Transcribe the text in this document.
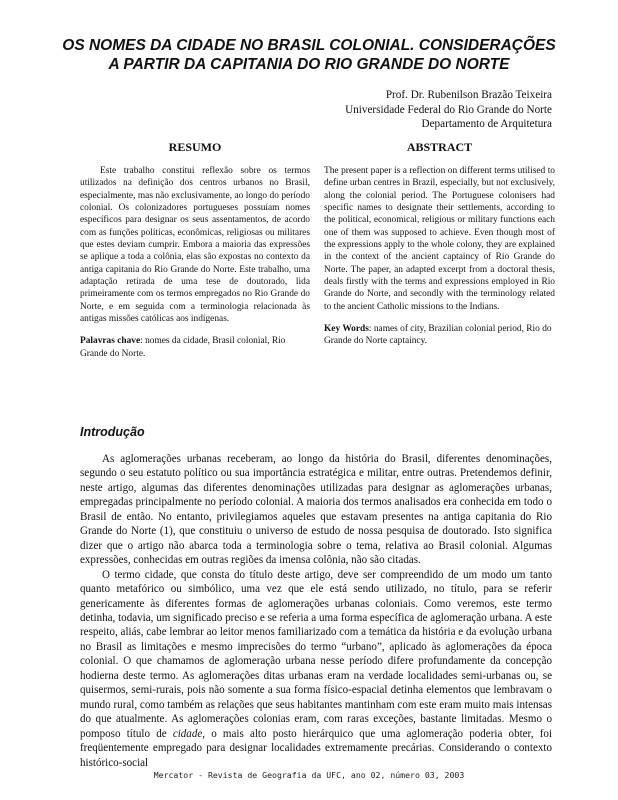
OS NOMES DA CIDADE NO BRASIL COLONIAL. CONSIDERAÇÕES
A PARTIR DA CAPITANIA DO RIO GRANDE DO NORTE
Prof. Dr. Rubenilson Brazão Teixeira
Universidade Federal do Rio Grande do Norte
Departamento de Arquitetura
RESUMO

Este trabalho constitui reflexão sobre os termos utilizados na definição dos centros urbanos no Brasil, especialmente, mas não exclusivamente, ao longo do período colonial. Os colonizadores portugueses possuíam nomes específicos para designar os seus assentamentos, de acordo com as funções políticas, econômicas, religiosas ou militares que estes deviam cumprir. Embora a maioria das expressões se aplique a toda a colônia, elas são expostas no contexto da antiga capitania do Rio Grande do Norte. Este trabalho, uma adaptação retirada de uma tese de doutorado, lida primeiramente com os termos empregados no Rio Grande do Norte, e em seguida com a terminologia relacionada às antigas missões católicas aos indígenas.

Palavras chave: nomes da cidade, Brasil colonial, Rio Grande do Norte.
ABSTRACT

The present paper is a reflection on different terms utilised to define urban centres in Brazil, especially, but not exclusively, along the colonial period. The Portuguese colonisers had specific names to designate their settlements, according to the political, economical, religious or military functions each one of them was supposed to achieve. Even though most of the expressions apply to the whole colony, they are explained in the context of the ancient captaincy of Rio Grande do Norte. The paper, an adapted excerpt from a doctoral thesis, deals firstly with the terms and expressions employed in Rio Grande do Norte, and secondly with the terminology related to the ancient Catholic missions to the Indians.

Key Words: names of city, Brazilian colonial period, Rio do Grande do Norte captaincy.
Introdução

As aglomerações urbanas receberam, ao longo da história do Brasil, diferentes denominações, segundo o seu estatuto político ou sua importância estratégica e militar, entre outras. Pretendemos definir, neste artigo, algumas das diferentes denominações utilizadas para designar as aglomerações urbanas, empregadas principalmente no período colonial. A maioria dos termos analisados era conhecida em todo o Brasil de então. No entanto, privilegiamos aqueles que estavam presentes na antiga capitania do Rio Grande do Norte (1), que constituiu o universo de estudo de nossa pesquisa de doutorado. Isto significa dizer que o artigo não abarca toda a terminologia sobre o tema, relativa ao Brasil colonial. Algumas expressões, conhecidas em outras regiões da imensa colônia, não são citadas.

O termo cidade, que consta do título deste artigo, deve ser compreendido de um modo um tanto quanto metafórico ou simbólico, uma vez que ele está sendo utilizado, no título, para se referir genericamente às diferentes formas de aglomerações urbanas coloniais. Como veremos, este termo detinha, todavia, um significado preciso e se referia a uma forma específica de aglomeração urbana. A este respeito, aliás, cabe lembrar ao leitor menos familiarizado com a temática da história e da evolução urbana no Brasil as limitações e mesmo imprecisões do termo “urbano”, aplicado às aglomerações da época colonial. O que chamamos de aglomeração urbana nesse período difere profundamente da concepção hodierna deste termo. As aglomerações ditas urbanas eram na verdade localidades semi-urbanas ou, se quisermos, semi-rurais, pois não somente a sua forma físico-espacial detinha elementos que lembravam o mundo rural, como também as relações que seus habitantes mantinham com este eram muito mais intensas do que atualmente. As aglomerações colonias eram, com raras exceções, bastante limitadas. Mesmo o pomposo título de cidade, o mais alto posto hierárquico que uma aglomeração poderia obter, foi freqüentemente empregado para designar localidades extremamente precárias. Considerando o contexto histórico-social

Mercator - Revista de Geografia da UFC, ano 02, número 03, 2003
